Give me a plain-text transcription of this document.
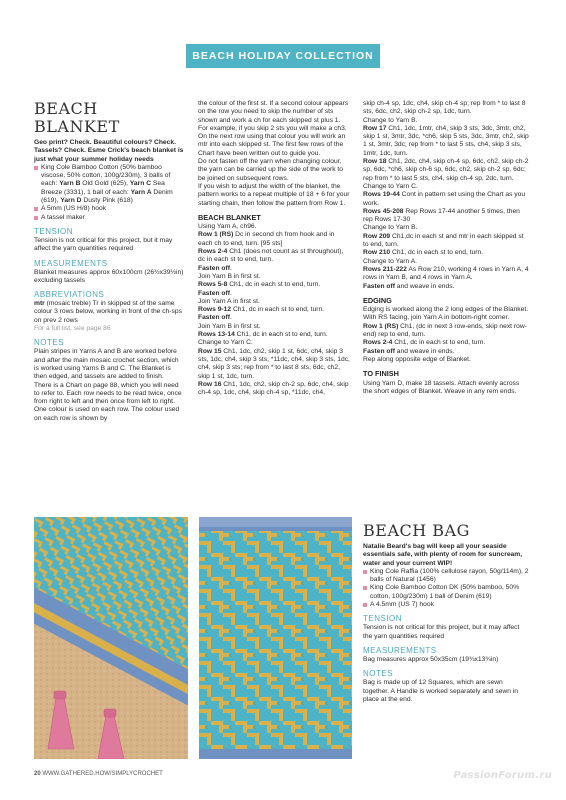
BEACH HOLIDAY COLLECTION
BEACH BLANKET

Geo print? Check. Beautiful colours? Check. Tassels? Check. Esme Crick's beach blanket is just what your summer holiday needs

King Cole Bamboo Cotton (50% bamboo viscose, 50% cotton, 100g/230m), 3 balls of each: Yarn B Old Gold (625), Yarn C Sea Breeze (3331), 1 ball of each: Yarn A Denim (619), Yarn D Dusty Pink (618)

A 5mm (US H/8) hook

A tassel maker

TENSION

Tension is not critical for this project, but it may affect the yarn quantities required

MEASUREMENTS

Blanket measures approx 60x100cm (26½x39½in) excluding tassels

ABBREVIATIONS

mtr (mosaic treble) Tr in skipped st of the same colour 3 rows below, working in front of the ch-sps on prev 2 rows

For a full list, see page 86

NOTES

Plain stripes in Yarns A and B are worked before and after the main mosaic crochet section, which is worked using Yarns B and C. The Blanket is then edged, and tassels are added to finish.

There is a Chart on page 88, which you will need to refer to. Each row needs to be read twice, once from right to left and then once from left to right. One colour is used on each row. The colour used on each row is shown by

the colour of the first st. If a second colour appears on the row you need to skip the number of sts shown and work a ch for each skipped st plus 1. For example, if you skip 2 sts you will make a ch3. On the next row using that colour you will work an mtr into each skipped st. The first few rows of the Chart have been written out to guide you.

Do not fasten off the yarn when changing colour, the yarn can be carried up the side of the work to be joined on subsequent rows.

If you wish to adjust the width of the blanket, the pattern works to a repeat multiple of 18 + 6 for your starting chain, then follow the pattern from Row 1.

BEACH BLANKET

Using Yarn A, ch96.

Row 1 (RS) Dc in second ch from hook and in each ch to end, turn. [95 sts]

Rows 2-4 Ch1 (does not count as st throughout), dc in each st to end, turn.

Fasten off.

Join Yarn B in first st.

Rows 5-8 Ch1, dc in each st to end, turn.

Fasten off.

Join Yarn A in first st.

Rows 9-12 Ch1, dc in each st to end, turn.

Fasten off.

Join Yarn B in first st.

Rows 13-14 Ch1, dc in each st to end, turn.

Change to Yarn C.

Row 15 Ch1, 1dc, ch2, skip 1 st, 6dc, ch4, skip 3 sts, 1dc, ch4, skip 3 sts, *11dc, ch4, skip 3 sts, 1dc, ch4, skip 3 sts; rep from * to last 8 sts, 6dc, ch2, skip 1 st, 1dc, turn.

Row 16 Ch1, 1dc, ch2, skip ch-2 sp, 6dc, ch4, skip ch-4 sp, 1dc, ch4, skip ch-4 sp, *11dc, ch4,

skip ch-4 sp, 1dc, ch4, skip ch-4 sp; rep from * to last 8 sts, 6dc, ch2, skip ch-2 sp, 1dc, turn.

Change to Yarn B.

Row 17 Ch1, 1dc, 1mtr, ch4, skip 3 sts, 3dc, 3mtr, ch2, skip 1 st, 3mtr, 3dc, *ch6, skip 5 sts, 3dc, 3mtr, ch2, skip 1 st, 3mtr, 3dc; rep from * to last 5 sts, ch4, skip 3 sts, 1mtr, 1dc, turn.

Row 18 Ch1, 2dc, ch4, skip ch-4 sp, 6dc, ch2, skip ch-2 sp, 6dc, *ch6, skip ch-6 sp, 6dc, ch2, skip ch-2 sp, 6dc; rep from * to last 5 sts, ch4, skip ch-4 sp, 2dc, turn.

Change to Yarn C.

Rows 19-44 Cont in pattern set using the Chart as you work.

Rows 45-208 Rep Rows 17-44 another 5 times, then rep Rows 17-30

Change to Yarn B.

Row 209 Ch1,dc in each st and mtr in each skipped st to end, turn.

Row 210 Ch1, dc in each st to end, turn.

Change to Yarn A.

Rows 211-222 As Row 210, working 4 rows in Yarn A, 4 rows in Yarn B, and 4 rows in Yarn A.

Fasten off and weave in ends.

EDGING

Edging is worked along the 2 long edges of the Blanket. With RS facing, join Yarn A in bottom-right corner.

Row 1 (RS) Ch1, (dc in next 3 row-ends, skip next row-end) rep to end, turn.

Rows 2-4 Ch1, dc in each st to end, turn.

Fasten off and weave in ends.

Rep along opposite edge of Blanket.

TO FINISH

Using Yarn D, make 18 tassels. Attach evenly across the short edges of Blanket. Weave in any rem ends.

BEACH BAG

Natalie Beard's bag will keep all your seaside essentials safe, with plenty of room for suncream, water and your current WIP!

King Cole Raffia (100% cellulose rayon, 50g/114m), 2 balls of Natural (1456)

King Cole Bamboo Cotton DK (50% bamboo, 50% cotton, 100g/230m) 1 ball of Denim (619)

A 4.5mm (US 7) hook

TENSION

Tension is not critical for this project, but it may affect the yarn quantities required

MEASUREMENTS

Bag measures approx 50x35cm (19¾x13¾in)

NOTES

Bag is made up of 12 Squares, which are sewn together. A Handle is worked separately and sewn in place at the end.

20 WWW.GATHERED.HOW/SIMPLYCROCHET	PassionForum.ru
